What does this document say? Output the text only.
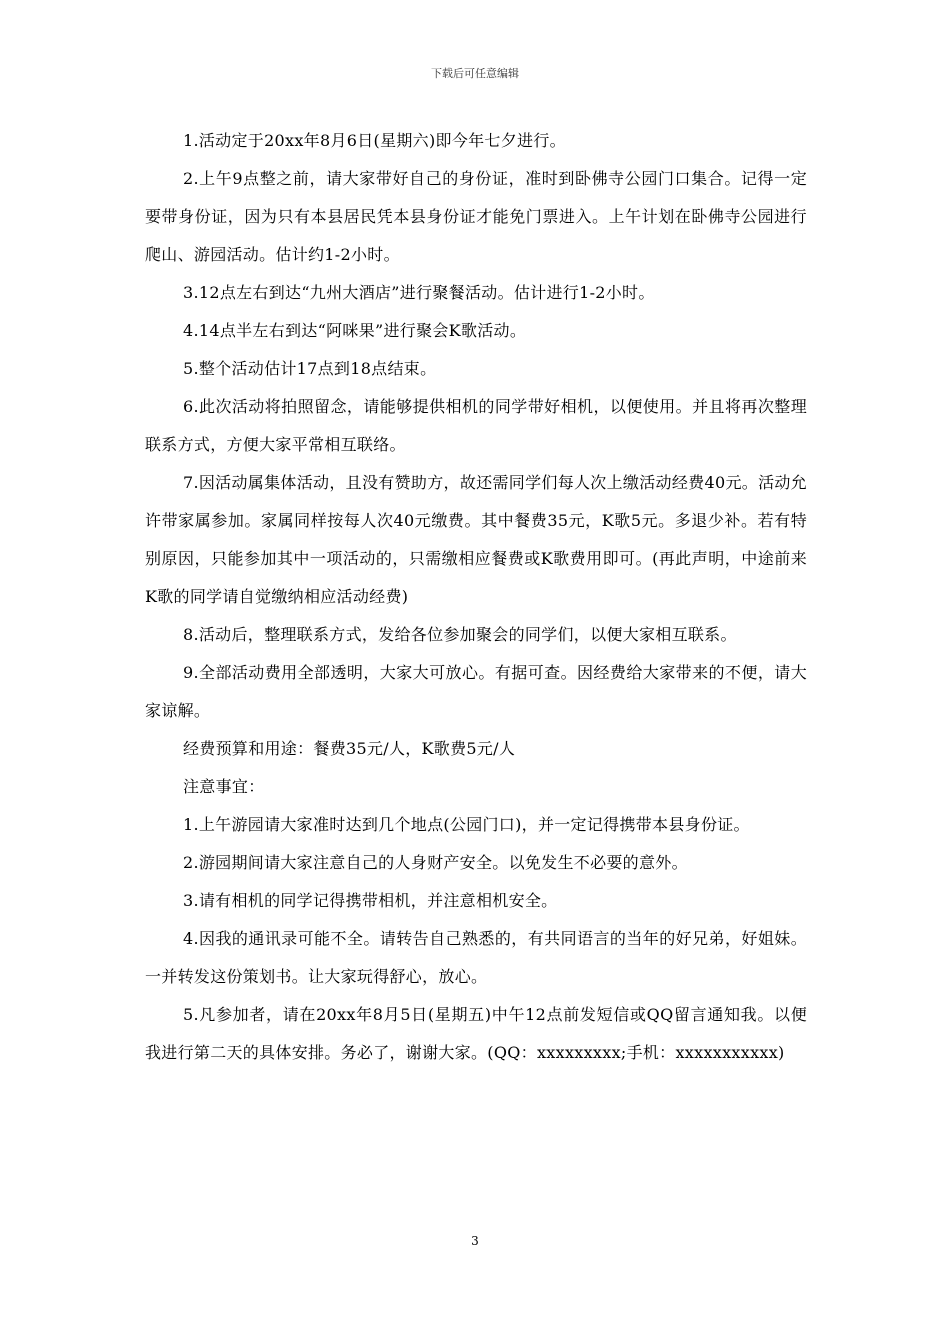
下载后可任意编辑

1.活动定于20xx年8月6日(星期六)即今年七夕进行。

2.上午9点整之前，请大家带好自己的身份证，准时到卧佛寺公园门口集合。记得一定要带身份证，因为只有本县居民凭本县身份证才能免门票进入。上午计划在卧佛寺公园进行爬山、游园活动。估计约1-2小时。

3.12点左右到达“九州大酒店”进行聚餐活动。估计进行1-2小时。

4.14点半左右到达“阿咪果”进行聚会K歌活动。

5.整个活动估计17点到18点结束。

6.此次活动将拍照留念，请能够提供相机的同学带好相机，以便使用。并且将再次整理联系方式，方便大家平常相互联络。

7.因活动属集体活动，且没有赞助方，故还需同学们每人次上缴活动经费40元。活动允许带家属参加。家属同样按每人次40元缴费。其中餐费35元，K歌5元。多退少补。若有特别原因，只能参加其中一项活动的，只需缴相应餐费或K歌费用即可。(再此声明，中途前来K歌的同学请自觉缴纳相应活动经费)

8.活动后，整理联系方式，发给各位参加聚会的同学们，以便大家相互联系。

9.全部活动费用全部透明，大家大可放心。有据可查。因经费给大家带来的不便，请大家谅解。

经费预算和用途：餐费35元/人，K歌费5元/人

注意事宜：

1.上午游园请大家准时达到几个地点(公园门口)，并一定记得携带本县身份证。

2.游园期间请大家注意自己的人身财产安全。以免发生不必要的意外。

3.请有相机的同学记得携带相机，并注意相机安全。

4.因我的通讯录可能不全。请转告自己熟悉的，有共同语言的当年的好兄弟，好姐妹。一并转发这份策划书。让大家玩得舒心，放心。

5.凡参加者，请在20xx年8月5日(星期五)中午12点前发短信或QQ留言通知我。以便我进行第二天的具体安排。务必了，谢谢大家。(QQ：xxxxxxxxx;手机：xxxxxxxxxxx)

3
